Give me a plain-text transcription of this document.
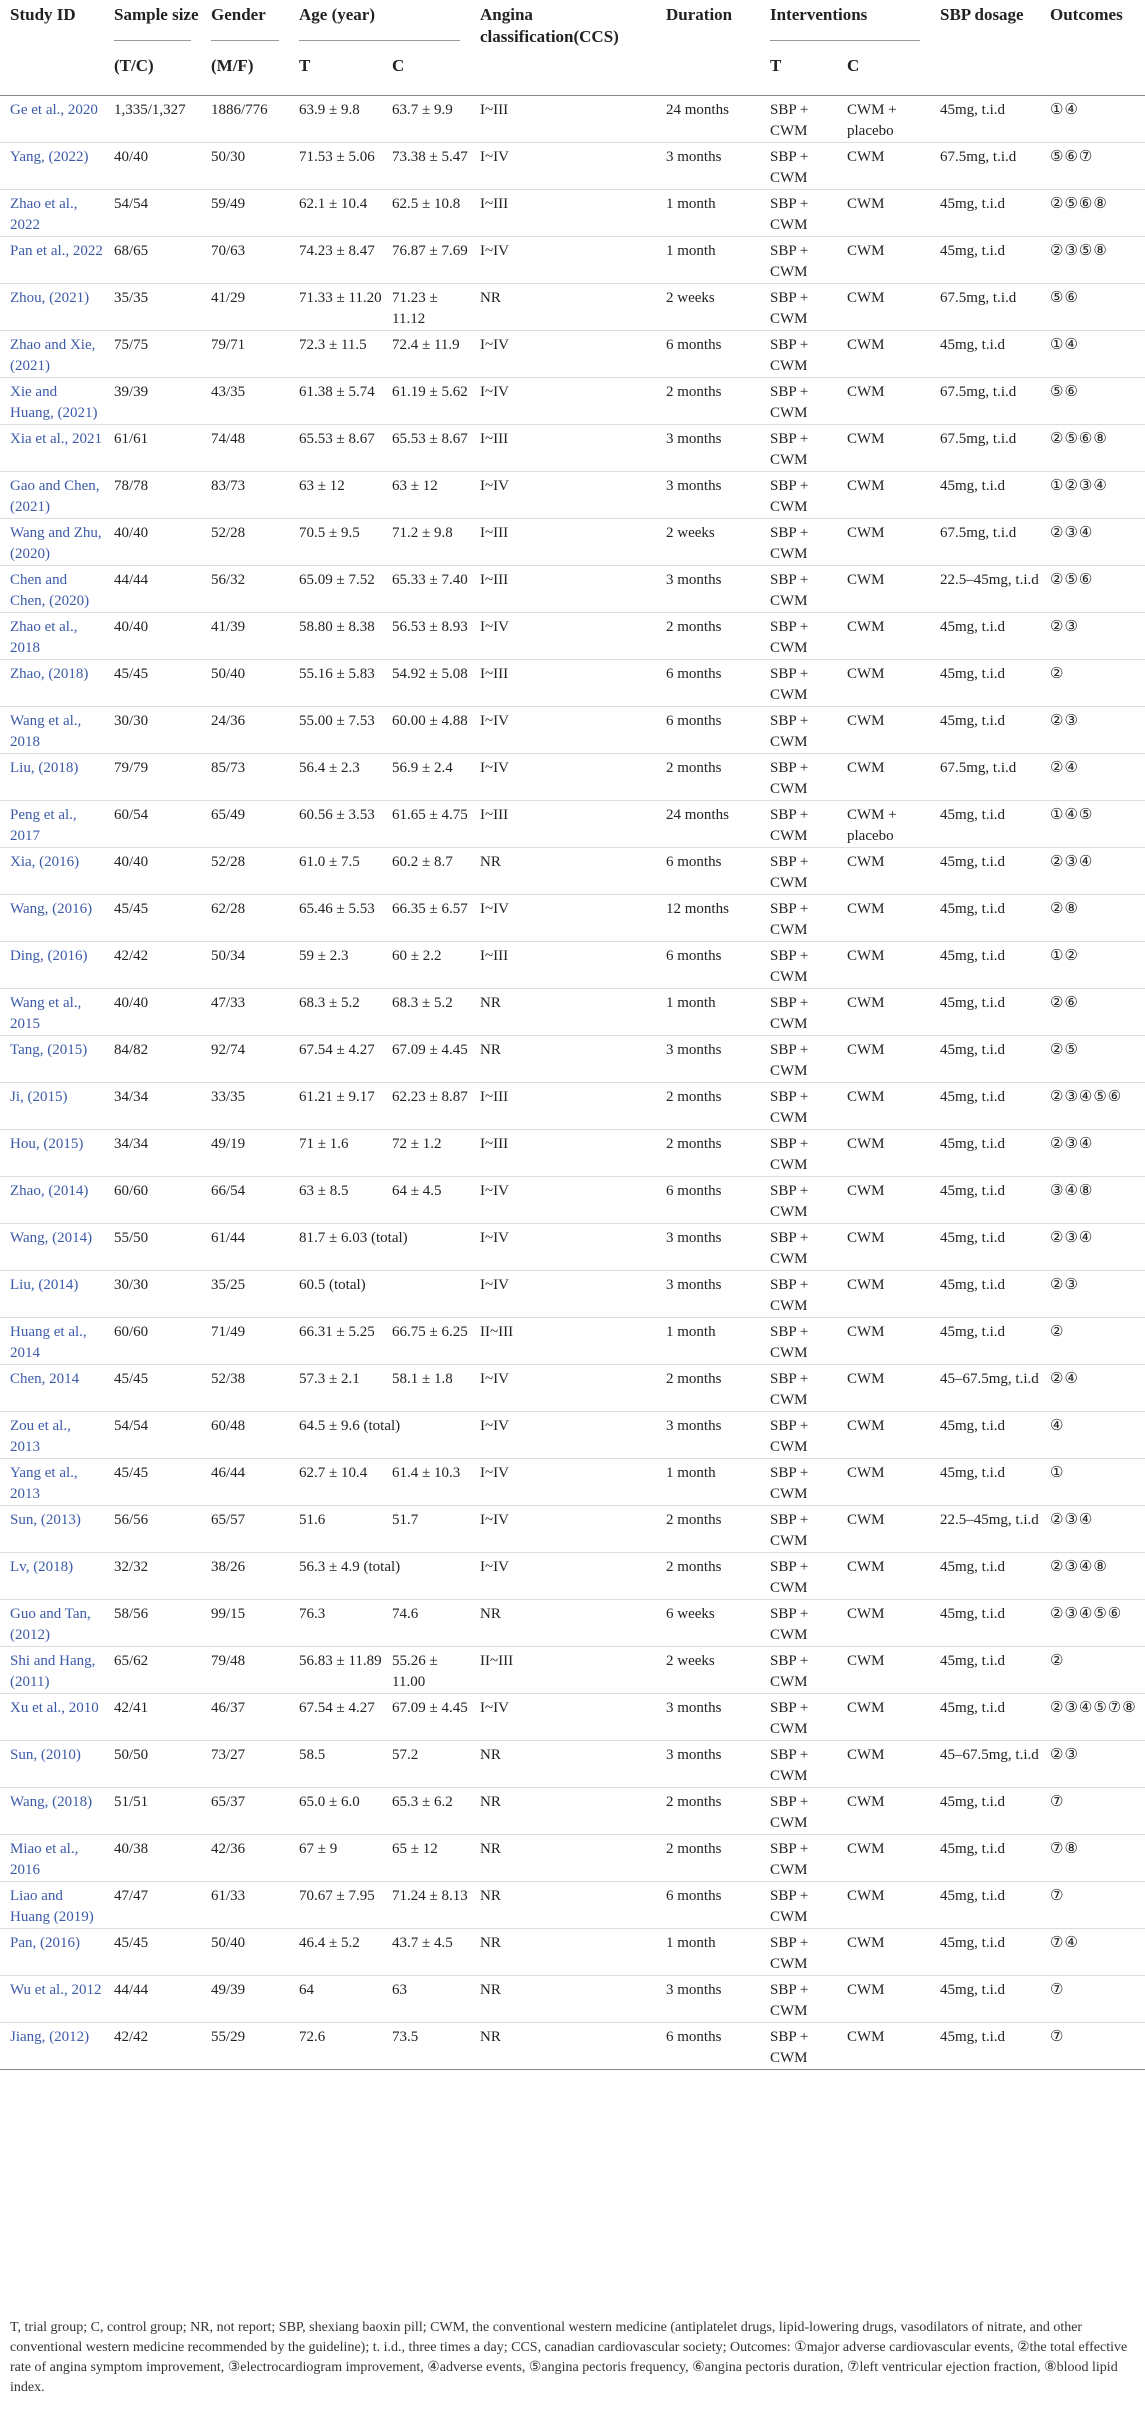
Study ID	Sample size	Gender	Age (year)		Angina classification(CCS)	Duration	Interventions		SBP dosage	Outcomes
	(T/C)	(M/F)	T	C			T	C		
Ge et al., 2020	1,335/1,327	1886/776	63.9 ± 9.8	63.7 ± 9.9	I~III	24 months	SBP + CWM	CWM + placebo	45mg, t.i.d	①④
Yang, (2022)	40/40	50/30	71.53 ± 5.06	73.38 ± 5.47	I~IV	3 months	SBP + CWM	CWM	67.5mg, t.i.d	⑤⑥⑦
Zhao et al., 2022	54/54	59/49	62.1 ± 10.4	62.5 ± 10.8	I~III	1 month	SBP + CWM	CWM	45mg, t.i.d	②⑤⑥⑧
Pan et al., 2022	68/65	70/63	74.23 ± 8.47	76.87 ± 7.69	I~IV	1 month	SBP + CWM	CWM	45mg, t.i.d	②③⑤⑧
Zhou, (2021)	35/35	41/29	71.33 ± 11.20	71.23 ± 11.12	NR	2 weeks	SBP + CWM	CWM	67.5mg, t.i.d	⑤⑥
Zhao and Xie, (2021)	75/75	79/71	72.3 ± 11.5	72.4 ± 11.9	I~IV	6 months	SBP + CWM	CWM	45mg, t.i.d	①④
Xie and Huang, (2021)	39/39	43/35	61.38 ± 5.74	61.19 ± 5.62	I~IV	2 months	SBP + CWM	CWM	67.5mg, t.i.d	⑤⑥
Xia et al., 2021	61/61	74/48	65.53 ± 8.67	65.53 ± 8.67	I~III	3 months	SBP + CWM	CWM	67.5mg, t.i.d	②⑤⑥⑧
Gao and Chen, (2021)	78/78	83/73	63 ± 12	63 ± 12	I~IV	3 months	SBP + CWM	CWM	45mg, t.i.d	①②③④
Wang and Zhu, (2020)	40/40	52/28	70.5 ± 9.5	71.2 ± 9.8	I~III	2 weeks	SBP + CWM	CWM	67.5mg, t.i.d	②③④
Chen and Chen, (2020)	44/44	56/32	65.09 ± 7.52	65.33 ± 7.40	I~III	3 months	SBP + CWM	CWM	22.5–45mg, t.i.d	②⑤⑥
Zhao et al., 2018	40/40	41/39	58.80 ± 8.38	56.53 ± 8.93	I~IV	2 months	SBP + CWM	CWM	45mg, t.i.d	②③
Zhao, (2018)	45/45	50/40	55.16 ± 5.83	54.92 ± 5.08	I~III	6 months	SBP + CWM	CWM	45mg, t.i.d	②
Wang et al., 2018	30/30	24/36	55.00 ± 7.53	60.00 ± 4.88	I~IV	6 months	SBP + CWM	CWM	45mg, t.i.d	②③
Liu, (2018)	79/79	85/73	56.4 ± 2.3	56.9 ± 2.4	I~IV	2 months	SBP + CWM	CWM	67.5mg, t.i.d	②④
Peng et al., 2017	60/54	65/49	60.56 ± 3.53	61.65 ± 4.75	I~III	24 months	SBP + CWM	CWM + placebo	45mg, t.i.d	①④⑤
Xia, (2016)	40/40	52/28	61.0 ± 7.5	60.2 ± 8.7	NR	6 months	SBP + CWM	CWM	45mg, t.i.d	②③④
Wang, (2016)	45/45	62/28	65.46 ± 5.53	66.35 ± 6.57	I~IV	12 months	SBP + CWM	CWM	45mg, t.i.d	②⑧
Ding, (2016)	42/42	50/34	59 ± 2.3	60 ± 2.2	I~III	6 months	SBP + CWM	CWM	45mg, t.i.d	①②
Wang et al., 2015	40/40	47/33	68.3 ± 5.2	68.3 ± 5.2	NR	1 month	SBP + CWM	CWM	45mg, t.i.d	②⑥
Tang, (2015)	84/82	92/74	67.54 ± 4.27	67.09 ± 4.45	NR	3 months	SBP + CWM	CWM	45mg, t.i.d	②⑤
Ji, (2015)	34/34	33/35	61.21 ± 9.17	62.23 ± 8.87	I~III	2 months	SBP + CWM	CWM	45mg, t.i.d	②③④⑤⑥
Hou, (2015)	34/34	49/19	71 ± 1.6	72 ± 1.2	I~III	2 months	SBP + CWM	CWM	45mg, t.i.d	②③④
Zhao, (2014)	60/60	66/54	63 ± 8.5	64 ± 4.5	I~IV	6 months	SBP + CWM	CWM	45mg, t.i.d	③④⑧
Wang, (2014)	55/50	61/44	81.7 ± 6.03 (total)		I~IV	3 months	SBP + CWM	CWM	45mg, t.i.d	②③④
Liu, (2014)	30/30	35/25	60.5 (total)		I~IV	3 months	SBP + CWM	CWM	45mg, t.i.d	②③
Huang et al., 2014	60/60	71/49	66.31 ± 5.25	66.75 ± 6.25	II~III	1 month	SBP + CWM	CWM	45mg, t.i.d	②
Chen, 2014	45/45	52/38	57.3 ± 2.1	58.1 ± 1.8	I~IV	2 months	SBP + CWM	CWM	45–67.5mg, t.i.d	②④
Zou et al., 2013	54/54	60/48	64.5 ± 9.6 (total)		I~IV	3 months	SBP + CWM	CWM	45mg, t.i.d	④
Yang et al., 2013	45/45	46/44	62.7 ± 10.4	61.4 ± 10.3	I~IV	1 month	SBP + CWM	CWM	45mg, t.i.d	①
Sun, (2013)	56/56	65/57	51.6	51.7	I~IV	2 months	SBP + CWM	CWM	22.5–45mg, t.i.d	②③④
Lv, (2018)	32/32	38/26	56.3 ± 4.9 (total)		I~IV	2 months	SBP + CWM	CWM	45mg, t.i.d	②③④⑧
Guo and Tan, (2012)	58/56	99/15	76.3	74.6	NR	6 weeks	SBP + CWM	CWM	45mg, t.i.d	②③④⑤⑥
Shi and Hang, (2011)	65/62	79/48	56.83 ± 11.89	55.26 ± 11.00	II~III	2 weeks	SBP + CWM	CWM	45mg, t.i.d	②
Xu et al., 2010	42/41	46/37	67.54 ± 4.27	67.09 ± 4.45	I~IV	3 months	SBP + CWM	CWM	45mg, t.i.d	②③④⑤⑦⑧
Sun, (2010)	50/50	73/27	58.5	57.2	NR	3 months	SBP + CWM	CWM	45–67.5mg, t.i.d	②③
Wang, (2018)	51/51	65/37	65.0 ± 6.0	65.3 ± 6.2	NR	2 months	SBP + CWM	CWM	45mg, t.i.d	⑦
Miao et al., 2016	40/38	42/36	67 ± 9	65 ± 12	NR	2 months	SBP + CWM	CWM	45mg, t.i.d	⑦⑧
Liao and Huang (2019)	47/47	61/33	70.67 ± 7.95	71.24 ± 8.13	NR	6 months	SBP + CWM	CWM	45mg, t.i.d	⑦
Pan, (2016)	45/45	50/40	46.4 ± 5.2	43.7 ± 4.5	NR	1 month	SBP + CWM	CWM	45mg, t.i.d	⑦④
Wu et al., 2012	44/44	49/39	64	63	NR	3 months	SBP + CWM	CWM	45mg, t.i.d	⑦
Jiang, (2012)	42/42	55/29	72.6	73.5	NR	6 months	SBP + CWM	CWM	45mg, t.i.d	⑦
T, trial group; C, control group; NR, not report; SBP, shexiang baoxin pill; CWM, the conventional western medicine (antiplatelet drugs, lipid-lowering drugs, vasodilators of nitrate, and other conventional western medicine recommended by the guideline); t. i.d., three times a day; CCS, canadian cardiovascular society; Outcomes: ①major adverse cardiovascular events, ②the total effective rate of angina symptom improvement, ③electrocardiogram improvement, ④adverse events, ⑤angina pectoris frequency, ⑥angina pectoris duration, ⑦left ventricular ejection fraction, ⑧blood lipid index.
